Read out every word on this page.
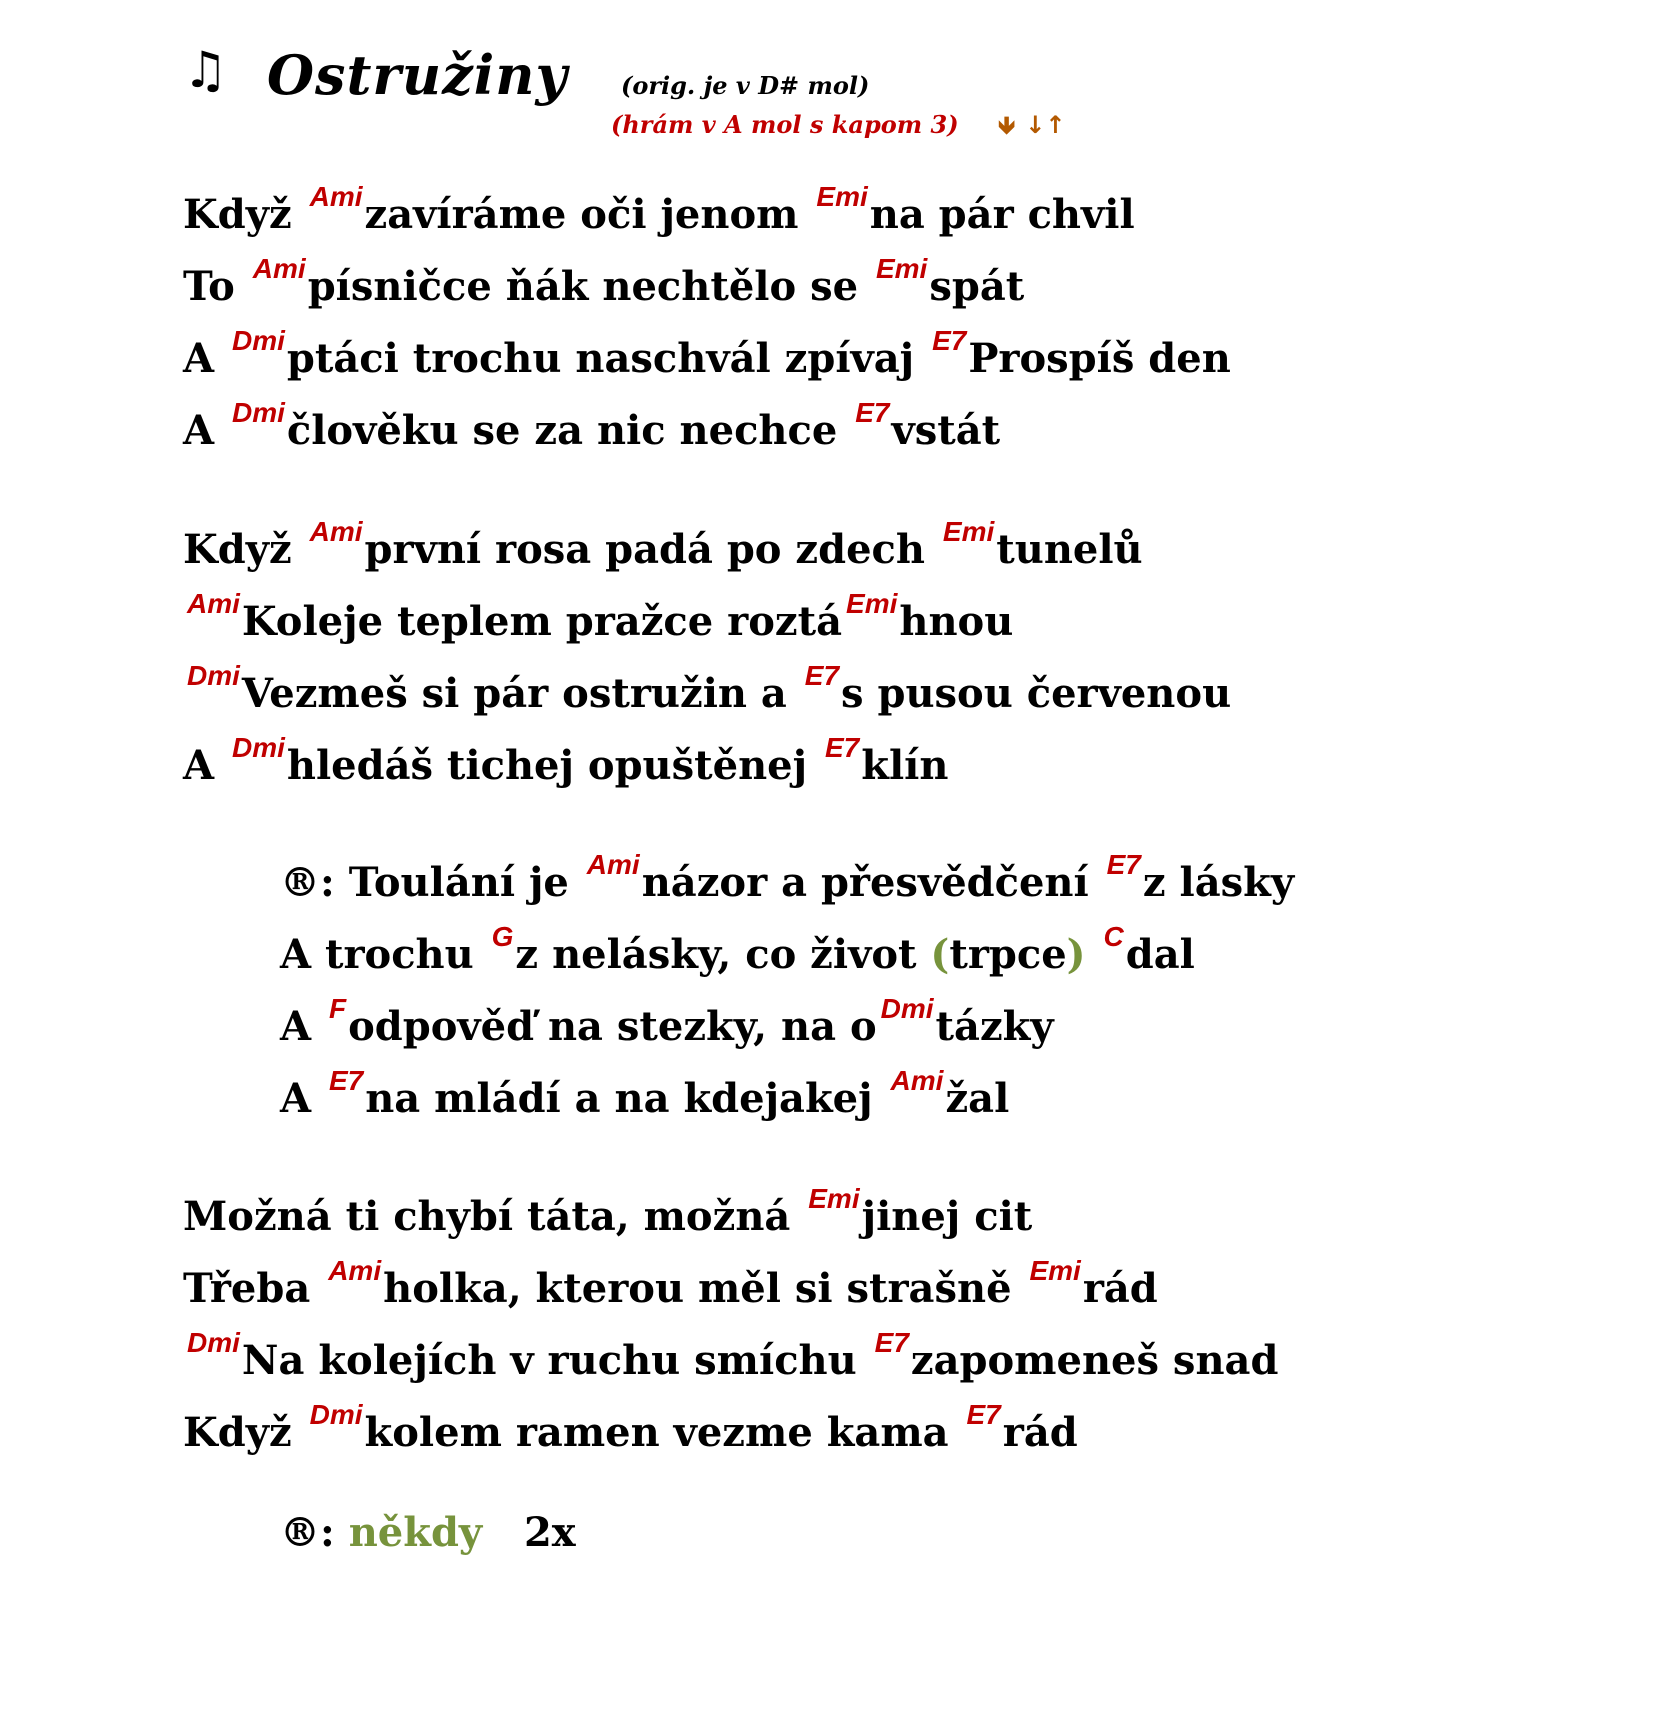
♫ Ostružiny (orig. je v D# mol)
(hrám v A mol s kapom 3) 🡻 ↓↑
Když Amizavíráme oči jenom Emina pár chvil
To Amipísničce ňák nechtělo se Emispát
A Dmiptáci trochu naschvál zpívaj E7Prospíš den
A Dmičlověku se za nic nechce E7vstát
Když Amiprvní rosa padá po zdech Emitunelů
AmiKoleje teplem pražce roztá Emihnou
DmiVezmeš si pár ostružin a E7s pusou červenou
A Dmihledáš tichej opuštěnej E7klín
®: Toulání je Aminázor a přesvědčení E7z lásky
A trochu Gz nelásky, co život (trpce) Cdal
A Fodpověď na stezky, na o Dmitázky
A E7na mládí a na kdejakej Amižal
Možná ti chybí táta, možná Emijinej cit
Třeba Amiholka, kterou měl si strašně Emirád
DmiNa kolejích v ruchu smíchu E7zapomeneš snad
Když Dmikolem ramen vezme kama E7rád
®: někdy   2x
